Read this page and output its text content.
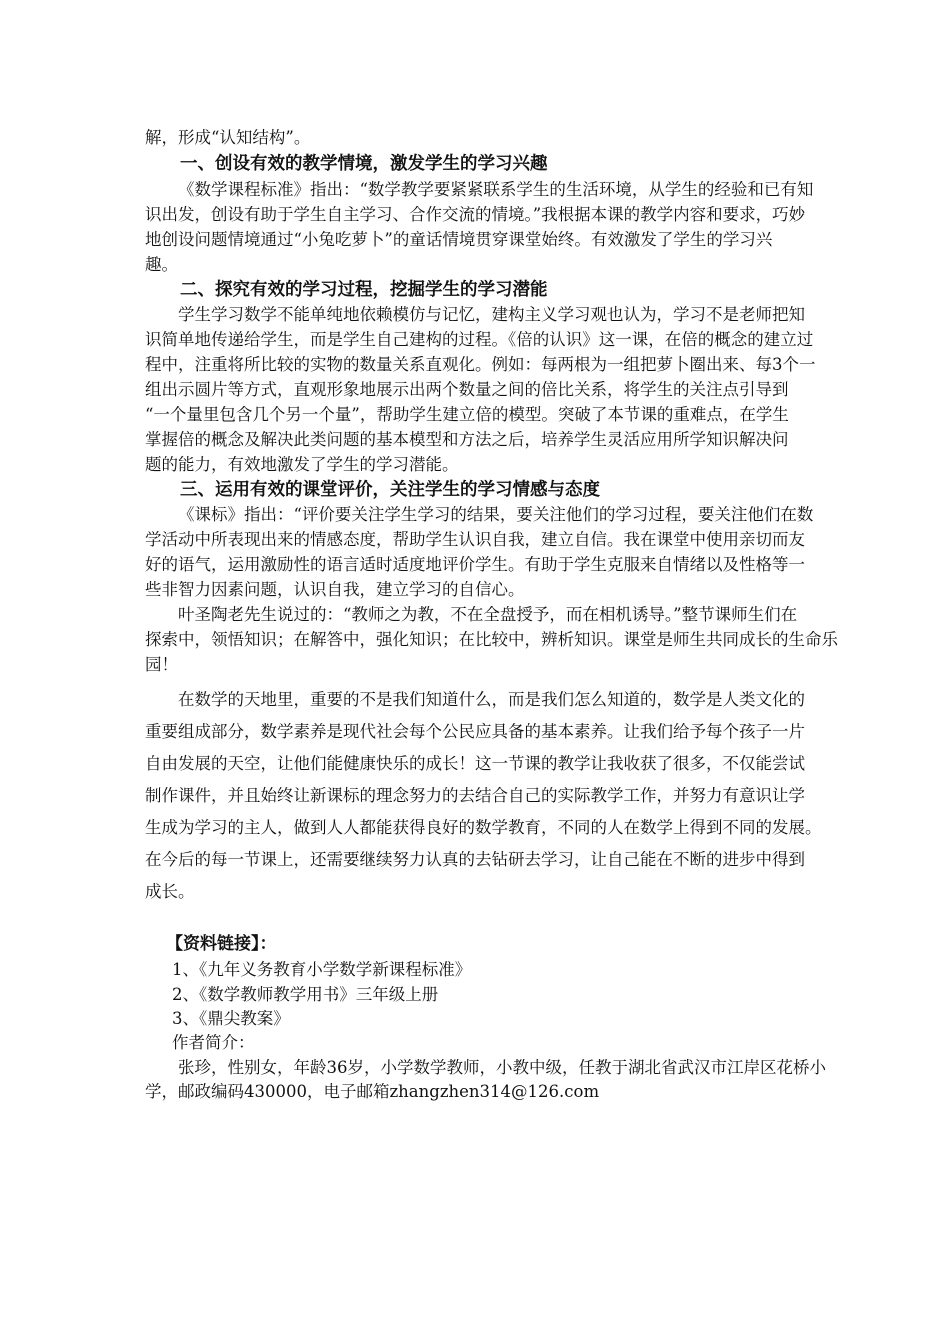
解，形成“认知结构”。
一、创设有效的教学情境，激发学生的学习兴趣
《数学课程标准》指出：“数学教学要紧紧联系学生的生活环境，从学生的经验和已有知
识出发，创设有助于学生自主学习、合作交流的情境。”我根据本课的教学内容和要求，巧妙
地创设问题情境通过“小兔吃萝卜”的童话情境贯穿课堂始终。有效激发了学生的学习兴
趣。
二、探究有效的学习过程，挖掘学生的学习潜能
学生学习数学不能单纯地依赖模仿与记忆，建构主义学习观也认为，学习不是老师把知
识简单地传递给学生，而是学生自己建构的过程。《倍的认识》这一课，在倍的概念的建立过
程中，注重将所比较的实物的数量关系直观化。例如：每两根为一组把萝卜圈出来、每3个一
组出示圆片等方式，直观形象地展示出两个数量之间的倍比关系，将学生的关注点引导到
“一个量里包含几个另一个量”，帮助学生建立倍的模型。突破了本节课的重难点，在学生
掌握倍的概念及解决此类问题的基本模型和方法之后，培养学生灵活应用所学知识解决问
题的能力，有效地激发了学生的学习潜能。
三、运用有效的课堂评价，关注学生的学习情感与态度
《课标》指出：“评价要关注学生学习的结果，要关注他们的学习过程，要关注他们在数
学活动中所表现出来的情感态度，帮助学生认识自我，建立自信。我在课堂中使用亲切而友
好的语气，运用激励性的语言适时适度地评价学生。有助于学生克服来自情绪以及性格等一
些非智力因素问题，认识自我，建立学习的自信心。
叶圣陶老先生说过的：“教师之为教，不在全盘授予，而在相机诱导。”整节课师生们在
探索中，领悟知识；在解答中，强化知识；在比较中，辨析知识。课堂是师生共同成长的生命乐
园！
在数学的天地里，重要的不是我们知道什么，而是我们怎么知道的，数学是人类文化的
重要组成部分，数学素养是现代社会每个公民应具备的基本素养。让我们给予每个孩子一片
自由发展的天空，让他们能健康快乐的成长！这一节课的教学让我收获了很多，不仅能尝试
制作课件，并且始终让新课标的理念努力的去结合自己的实际教学工作，并努力有意识让学
生成为学习的主人，做到人人都能获得良好的数学教育，不同的人在数学上得到不同的发展。
在今后的每一节课上，还需要继续努力认真的去钻研去学习，让自己能在不断的进步中得到
成长。
【资料链接】：
1、《九年义务教育小学数学新课程标准》
2、《数学教师教学用书》三年级上册
3、《鼎尖教案》
作者简介：
张珍，性别女，年龄36岁，小学数学教师，小教中级，任教于湖北省武汉市江岸区花桥小
学，邮政编码430000，电子邮箱zhangzhen314@126.com
